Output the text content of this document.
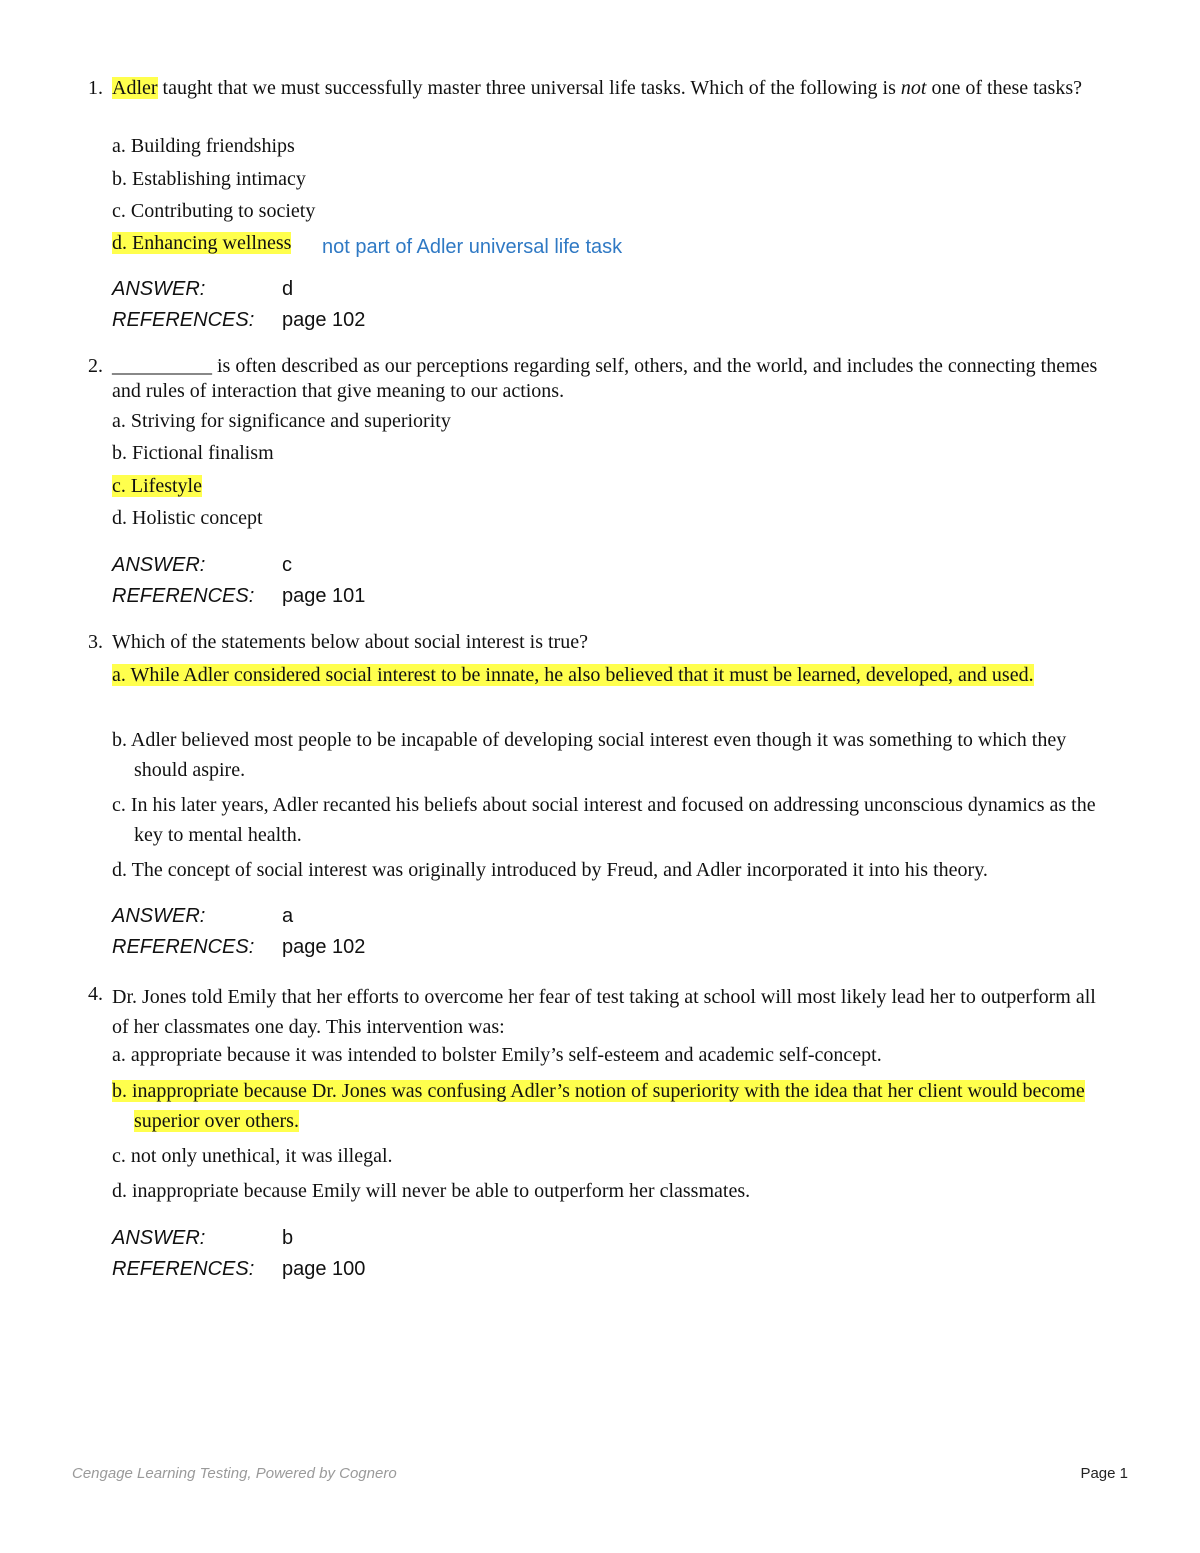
1. Adler taught that we must successfully master three universal life tasks. Which of the following is not one of these tasks?
a. Building friendships
b. Establishing intimacy
c. Contributing to society
d. Enhancing wellness
ANSWER:	d
REFERENCES: page 102
not part of Adler universal life task
2. __________ is often described as our perceptions regarding self, others, and the world, and includes the connecting themes and rules of interaction that give meaning to our actions.
a. Striving for significance and superiority
b. Fictional finalism
c. Lifestyle
d. Holistic concept
ANSWER:	c
REFERENCES: page 101
3. Which of the statements below about social interest is true?
a. While Adler considered social interest to be innate, he also believed that it must be learned, developed, and used.
b. Adler believed most people to be incapable of developing social interest even though it was something to which they should aspire.
c. In his later years, Adler recanted his beliefs about social interest and focused on addressing unconscious dynamics as the key to mental health.
d. The concept of social interest was originally introduced by Freud, and Adler incorporated it into his theory.
ANSWER:	a
REFERENCES: page 102
4. Dr. Jones told Emily that her efforts to overcome her fear of test taking at school will most likely lead her to outperform all of her classmates one day. This intervention was:
a. appropriate because it was intended to bolster Emily’s self-esteem and academic self-concept.
b. inappropriate because Dr. Jones was confusing Adler’s notion of superiority with the idea that her client would become superior over others.
c. not only unethical, it was illegal.
d. inappropriate because Emily will never be able to outperform her classmates.
ANSWER:	b
REFERENCES: page 100
Cengage Learning Testing, Powered by Cognero	Page 1
